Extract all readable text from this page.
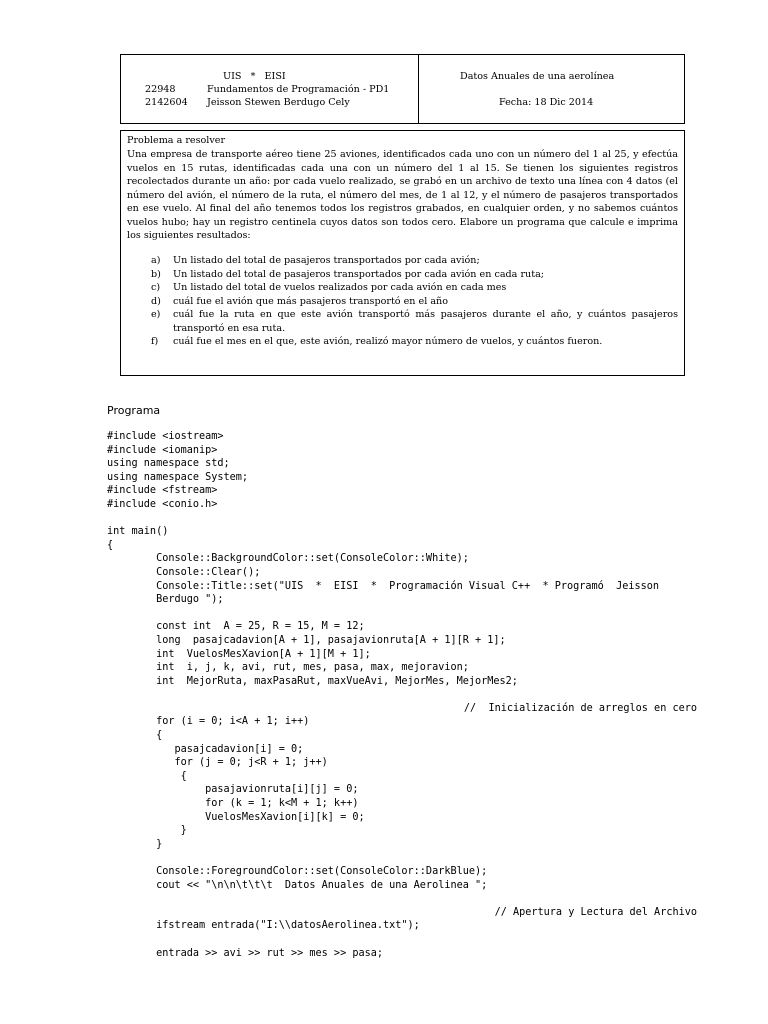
UIS   *   EISI
22948	Fundamentos de Programación - PD1
2142604 Jeisson Stewen Berdugo Cely
Datos Anuales de una aerolínea
Fecha: 18 Dic 2014
Problema a resolver
Una empresa de transporte aéreo tiene 25 aviones, identificados cada uno con un número del 1 al 25, y efectúa vuelos en 15 rutas, identificadas cada una con un número del 1 al 15. Se tienen los siguientes registros recolectados durante un año: por cada vuelo realizado, se grabó en un archivo de texto una línea con 4 datos (el número del avión, el número de la ruta, el número del mes, de 1 al 12, y el número de pasajeros transportados en ese vuelo. Al final del año tenemos todos los registros grabados, en cualquier orden, y no sabemos cuántos vuelos hubo; hay un registro centinela cuyos datos son todos cero. Elabore un programa que calcule e imprima los siguientes resultados:
a) Un listado del total de pasajeros transportados por cada avión;
b) Un listado del total de pasajeros transportados por cada avión en cada ruta;
c) Un listado del total de vuelos realizados por cada avión en cada mes
d) cuál fue el avión que más pasajeros transportó en el año
e) cuál fue la ruta en que este avión transportó más pasajeros durante el año, y cuántos pasajeros transportó en esa ruta.
f) cuál fue el mes en el que, este avión, realizó mayor número de vuelos, y cuántos fueron.
Programa
#include <iostream>
#include <iomanip>
using namespace std;
using namespace System;
#include <fstream>
#include <conio.h>
int main()
{
Console::BackgroundColor::set(ConsoleColor::White);
Console::Clear();
Console::Title::set("UIS  *  EISI  *  Programación Visual C++  * Programó  Jeisson
Berdugo ");
const int  A = 25, R = 15, M = 12;
long  pasajcadavion[A + 1], pasajavionruta[A + 1][R + 1];
int  VuelosMesXavion[A + 1][M + 1];
int  i, j, k, avi, rut, mes, pasa, max, mejoravion;
int  MejorRuta, maxPasaRut, maxVueAvi, MejorMes, MejorMes2;
//  Inicialización de arreglos en cero
for (i = 0; i<A + 1; i++)
{
pasajcadavion[i] = 0;
for (j = 0; j<R + 1; j++)
{
pasajavionruta[i][j] = 0;
for (k = 1; k<M + 1; k++)
VuelosMesXavion[i][k] = 0;
}
}
Console::ForegroundColor::set(ConsoleColor::DarkBlue);
cout << "\n\n\t\t\t  Datos Anuales de una Aerolinea ";
// Apertura y Lectura del Archivo
ifstream entrada("I:\\datosAerolinea.txt");
entrada >> avi >> rut >> mes >> pasa;
